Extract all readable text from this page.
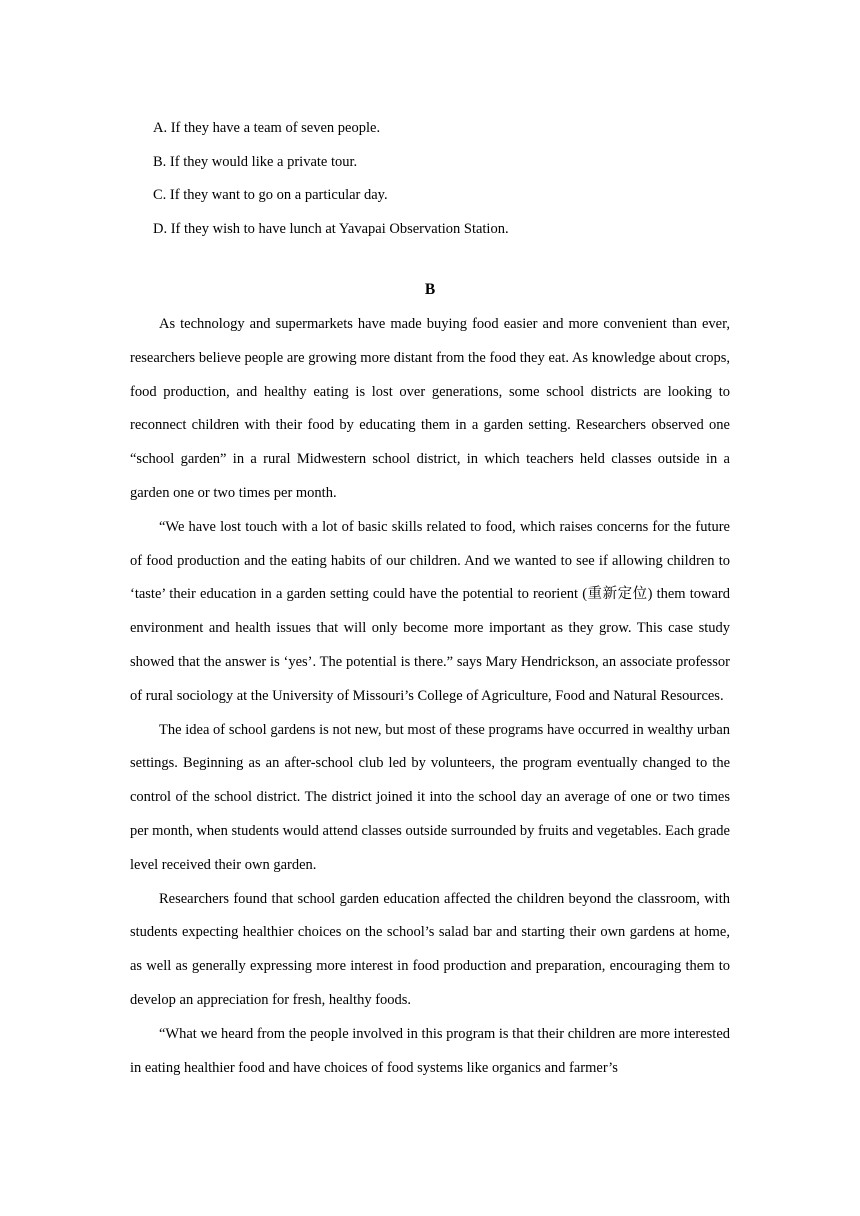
A. If they have a team of seven people.
B. If they would like a private tour.
C. If they want to go on a particular day.
D. If they wish to have lunch at Yavapai Observation Station.
B

As technology and supermarkets have made buying food easier and more convenient than ever, researchers believe people are growing more distant from the food they eat. As knowledge about crops, food production, and healthy eating is lost over generations, some school districts are looking to reconnect children with their food by educating them in a garden setting. Researchers observed one “school garden” in a rural Midwestern school district, in which teachers held classes outside in a garden one or two times per month.

“We have lost touch with a lot of basic skills related to food, which raises concerns for the future of food production and the eating habits of our children. And we wanted to see if allowing children to ‘taste’ their education in a garden setting could have the potential to reorient (重新定位) them toward environment and health issues that will only become more important as they grow. This case study showed that the answer is ‘yes’. The potential is there.” says Mary Hendrickson, an associate professor of rural sociology at the University of Missouri’s College of Agriculture, Food and Natural Resources.

The idea of school gardens is not new, but most of these programs have occurred in wealthy urban settings. Beginning as an after-school club led by volunteers, the program eventually changed to the control of the school district. The district joined it into the school day an average of one or two times per month, when students would attend classes outside surrounded by fruits and vegetables. Each grade level received their own garden.

Researchers found that school garden education affected the children beyond the classroom, with students expecting healthier choices on the school’s salad bar and starting their own gardens at home, as well as generally expressing more interest in food production and preparation, encouraging them to develop an appreciation for fresh, healthy foods.

“What we heard from the people involved in this program is that their children are more interested in eating healthier food and have choices of food systems like organics and farmer’s
